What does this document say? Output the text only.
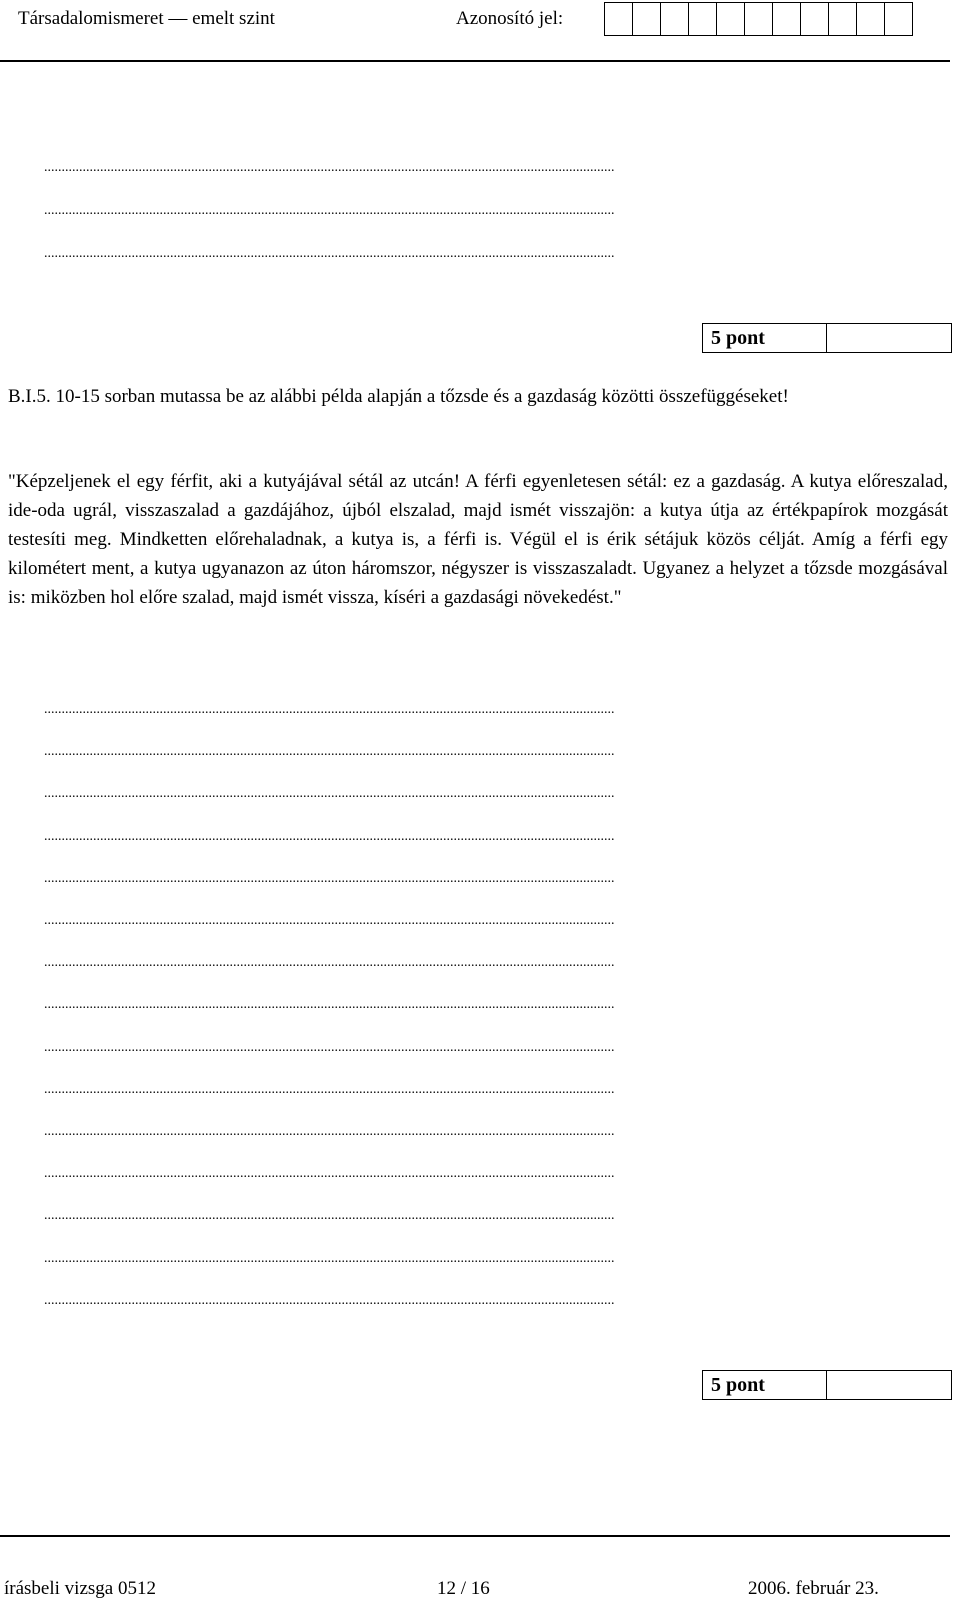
Társadalomismeret — emelt szint	Azonosító jel:
...................................................................................................................................................................
...................................................................................................................................................................
...................................................................................................................................................................
5 pont

B.I.5. 10-15 sorban mutassa be az alábbi példa alapján a tőzsde és a gazdaság közötti összefüggéseket!

"Képzeljenek el egy férfit, aki a kutyájával sétál az utcán! A férfi egyenletesen sétál: ez a gazdaság. A kutya előreszalad, ide-oda ugrál, visszaszalad a gazdájához, újból elszalad, majd ismét visszajön: a kutya útja az értékpapírok mozgását testesíti meg. Mindketten előrehaladnak, a kutya is, a férfi is. Végül el is érik sétájuk közös célját. Amíg a férfi egy kilométert ment, a kutya ugyanazon az úton háromszor, négyszer is visszaszaladt. Ugyanez a helyzet a tőzsde mozgásával is: miközben hol előre szalad, majd ismét vissza, kíséri a gazdasági növekedést."

...................................................................................................................................................................
...................................................................................................................................................................
...................................................................................................................................................................
...................................................................................................................................................................
...................................................................................................................................................................
...................................................................................................................................................................
...................................................................................................................................................................
...................................................................................................................................................................
...................................................................................................................................................................
...................................................................................................................................................................
...................................................................................................................................................................
...................................................................................................................................................................
...................................................................................................................................................................
...................................................................................................................................................................
...................................................................................................................................................................
5 pont
írásbeli vizsga 0512	12 / 16	2006. február 23.
